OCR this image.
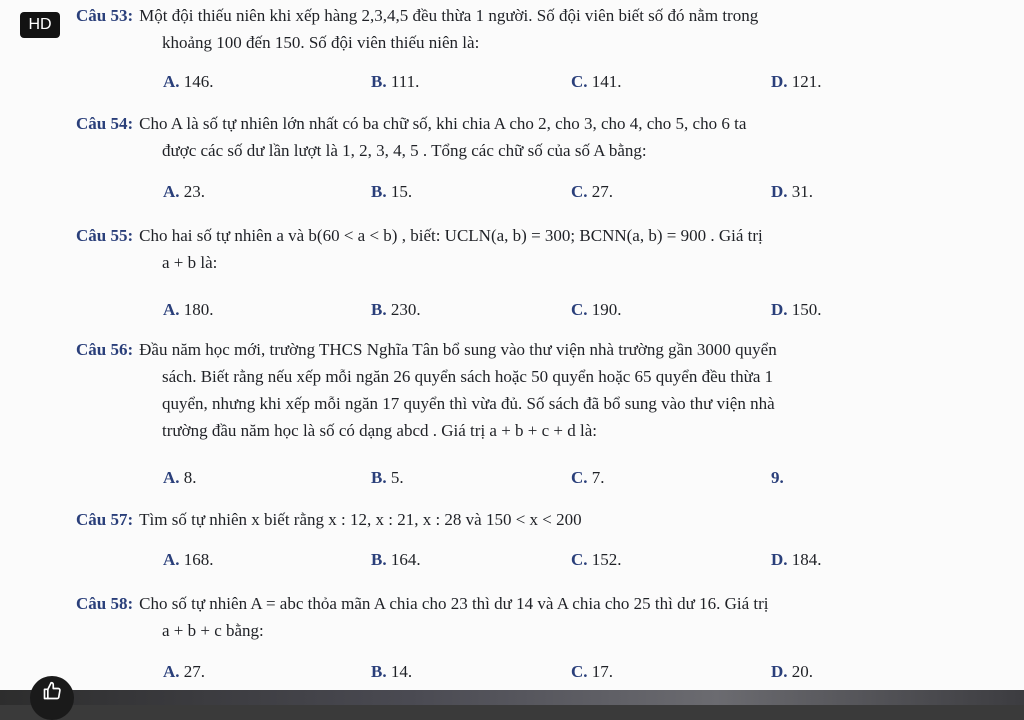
HD	Câu 53: Một đội thiếu niên khi xếp hàng 2,3,4,5 đều thừa 1 người. Số đội viên biết số đó nằm trong
khoảng 100 đến 150. Số đội viên thiếu niên là:
A. 146.	B. 111.	C. 141.	D. 121.
Câu 54: Cho A là số tự nhiên lớn nhất có ba chữ số, khi chia A cho 2, cho 3, cho 4, cho 5, cho 6 ta
được các số dư lần lượt là 1, 2, 3, 4, 5 . Tổng các chữ số của số A bằng:
A. 23.	B. 15.	C. 27.	D. 31.
Câu 55: Cho hai số tự nhiên a và b(60 < a < b) , biết: UCLN(a, b) = 300; BCNN(a, b) = 900 . Giá trị
a + b là:
A. 180.	B. 230.	C. 190.	D. 150.
Câu 56: Đầu năm học mới, trường THCS Nghĩa Tân bổ sung vào thư viện nhà trường gần 3000 quyển
sách. Biết rằng nếu xếp mỗi ngăn 26 quyển sách hoặc 50 quyển hoặc 65 quyển đều thừa 1
quyển, nhưng khi xếp mỗi ngăn 17 quyển thì vừa đủ. Số sách đã bổ sung vào thư viện nhà
trường đầu năm học là số có dạng abcd . Giá trị a + b + c + d là:
A. 8.	B. 5.	C. 7.	9.
Câu 57: Tìm số tự nhiên x biết rằng x : 12, x : 21, x : 28 và 150 < x < 200
A. 168.	B. 164.	C. 152.	D. 184.
Câu 58: Cho số tự nhiên A = abc thỏa mãn A chia cho 23 thì dư 14 và A chia cho 25 thì dư 16. Giá trị
a + b + c bằng:
A. 27.	B. 14.	C. 17.	D. 20.
